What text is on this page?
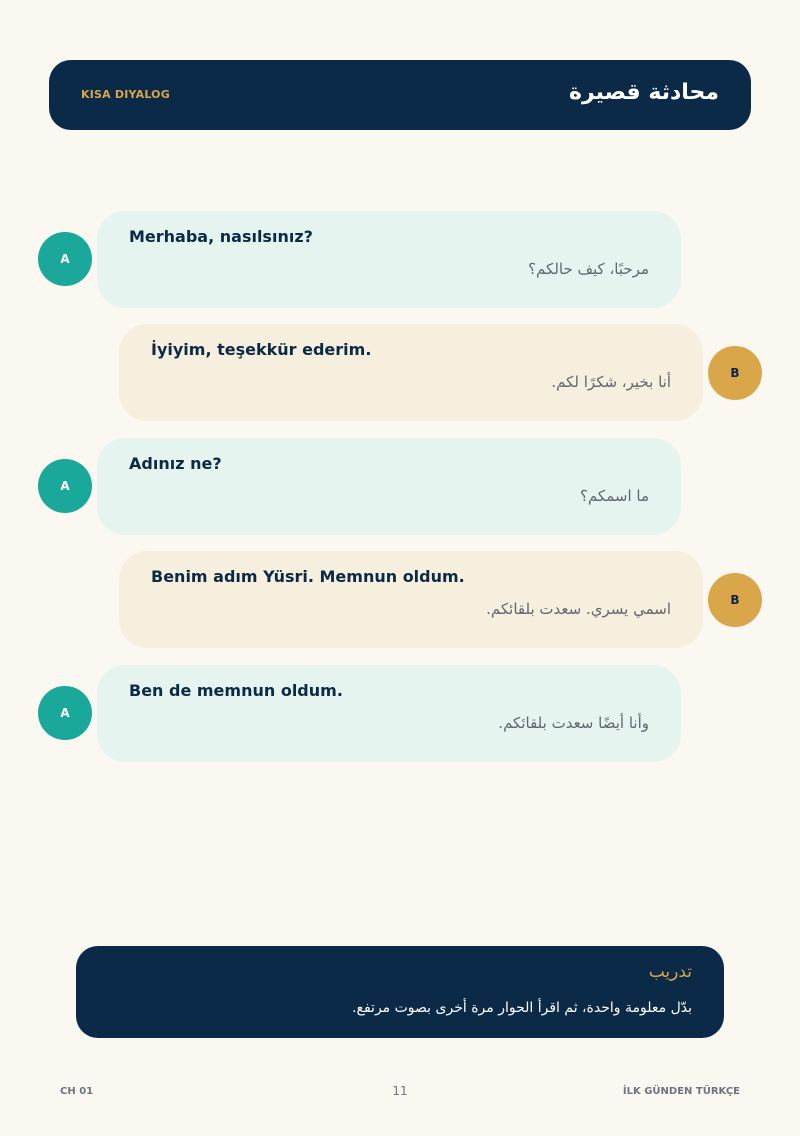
KISA DIYALOG	محادثة قصيرة
Merhaba, nasılsınız?
مرحبًا، كيف حالكم؟
A
İyiyim, teşekkür ederim.
أنا بخير، شكرًا لكم.	B
Adınız ne?
ما اسمكم؟
A
Benim adım Yüsri. Memnun oldum.
اسمي يسري. سعدت بلقائكم.	B
Ben de memnun oldum.
وأنا أيضًا سعدت بلقائكم.
A
تدريب
بدّل معلومة واحدة، ثم اقرأ الحوار مرة أخرى بصوت مرتفع.
CH 01	11	İLK GÜNDEN TÜRKÇE
